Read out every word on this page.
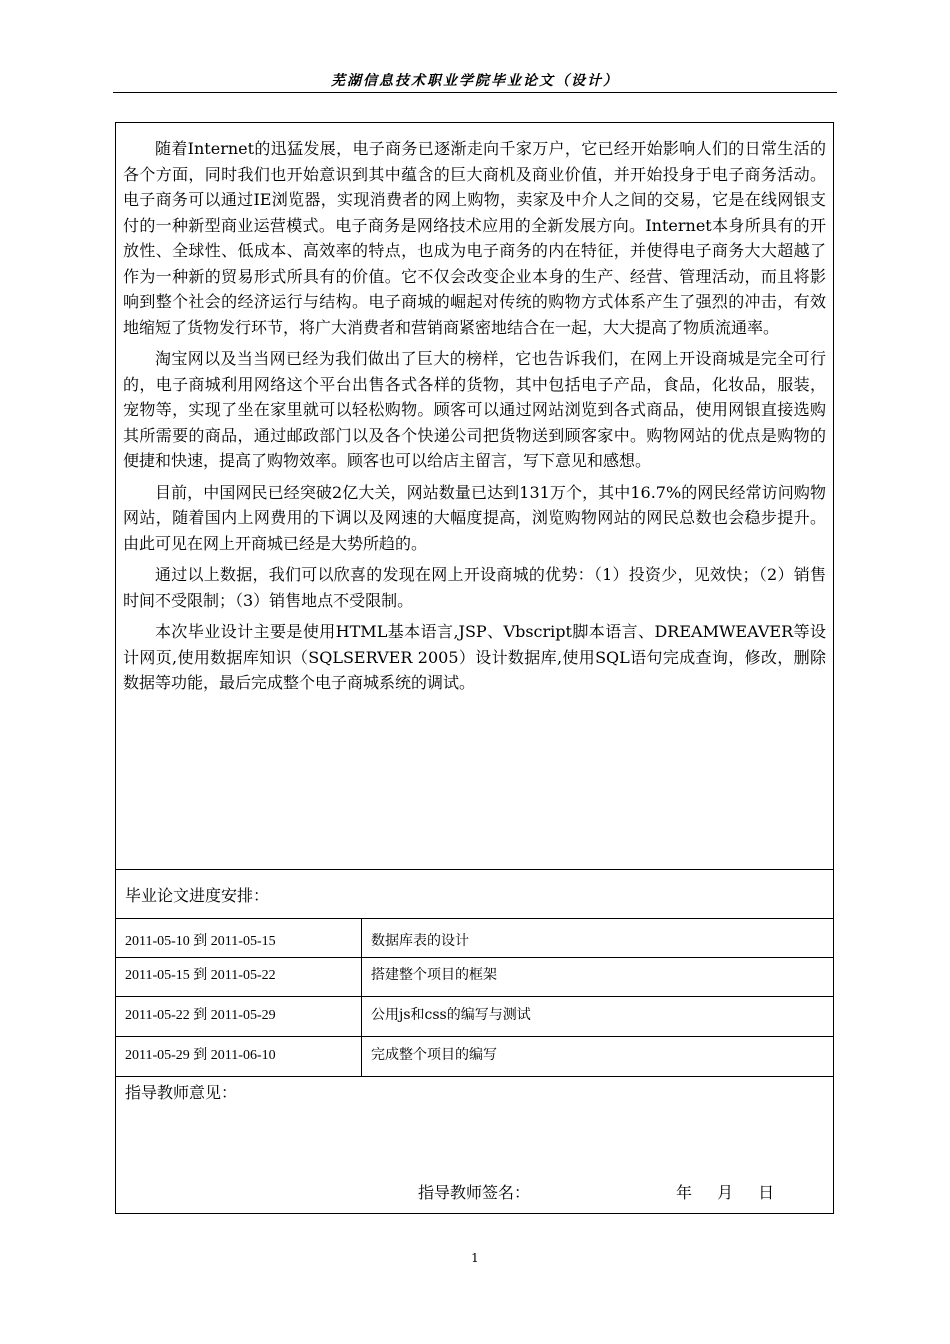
芜湖信息技术职业学院毕业论文（设计）

随着Internet的迅猛发展，电子商务已逐渐走向千家万户，它已经开始影响人们的日常生活的各个方面，同时我们也开始意识到其中蕴含的巨大商机及商业价值，并开始投身于电子商务活动。电子商务可以通过IE浏览器，实现消费者的网上购物，卖家及中介人之间的交易，它是在线网银支付的一种新型商业运营模式。电子商务是网络技术应用的全新发展方向。Internet本身所具有的开放性、全球性、低成本、高效率的特点，也成为电子商务的内在特征，并使得电子商务大大超越了作为一种新的贸易形式所具有的价值。它不仅会改变企业本身的生产、经营、管理活动，而且将影响到整个社会的经济运行与结构。电子商城的崛起对传统的购物方式体系产生了强烈的冲击，有效地缩短了货物发行环节，将广大消费者和营销商紧密地结合在一起，大大提高了物质流通率。

淘宝网以及当当网已经为我们做出了巨大的榜样，它也告诉我们，在网上开设商城是完全可行的，电子商城利用网络这个平台出售各式各样的货物，其中包括电子产品，食品，化妆品，服装，宠物等，实现了坐在家里就可以轻松购物。顾客可以通过网站浏览到各式商品，使用网银直接选购其所需要的商品，通过邮政部门以及各个快递公司把货物送到顾客家中。购物网站的优点是购物的便捷和快速，提高了购物效率。顾客也可以给店主留言，写下意见和感想。

目前，中国网民已经突破2亿大关，网站数量已达到131万个，其中16.7%的网民经常访问购物网站，随着国内上网费用的下调以及网速的大幅度提高，浏览购物网站的网民总数也会稳步提升。由此可见在网上开商城已经是大势所趋的。

通过以上数据，我们可以欣喜的发现在网上开设商城的优势：（1）投资少，见效快；（2）销售时间不受限制；（3）销售地点不受限制。

本次毕业设计主要是使用HTML基本语言,JSP、Vbscript脚本语言、DREAMWEAVER等设计网页,使用数据库知识（SQLSERVER 2005）设计数据库,使用SQL语句完成查询，修改，删除数据等功能，最后完成整个电子商城系统的调试。

毕业论文进度安排：
2011-05-10 到 2011-05-15	数据库表的设计
2011-05-15 到 2011-05-22	搭建整个项目的框架
2011-05-22 到 2011-05-29	公用js和css的编写与测试
2011-05-29 到 2011-06-10	完成整个项目的编写
指导教师意见：
指导教师签名：	年 月 日
1
